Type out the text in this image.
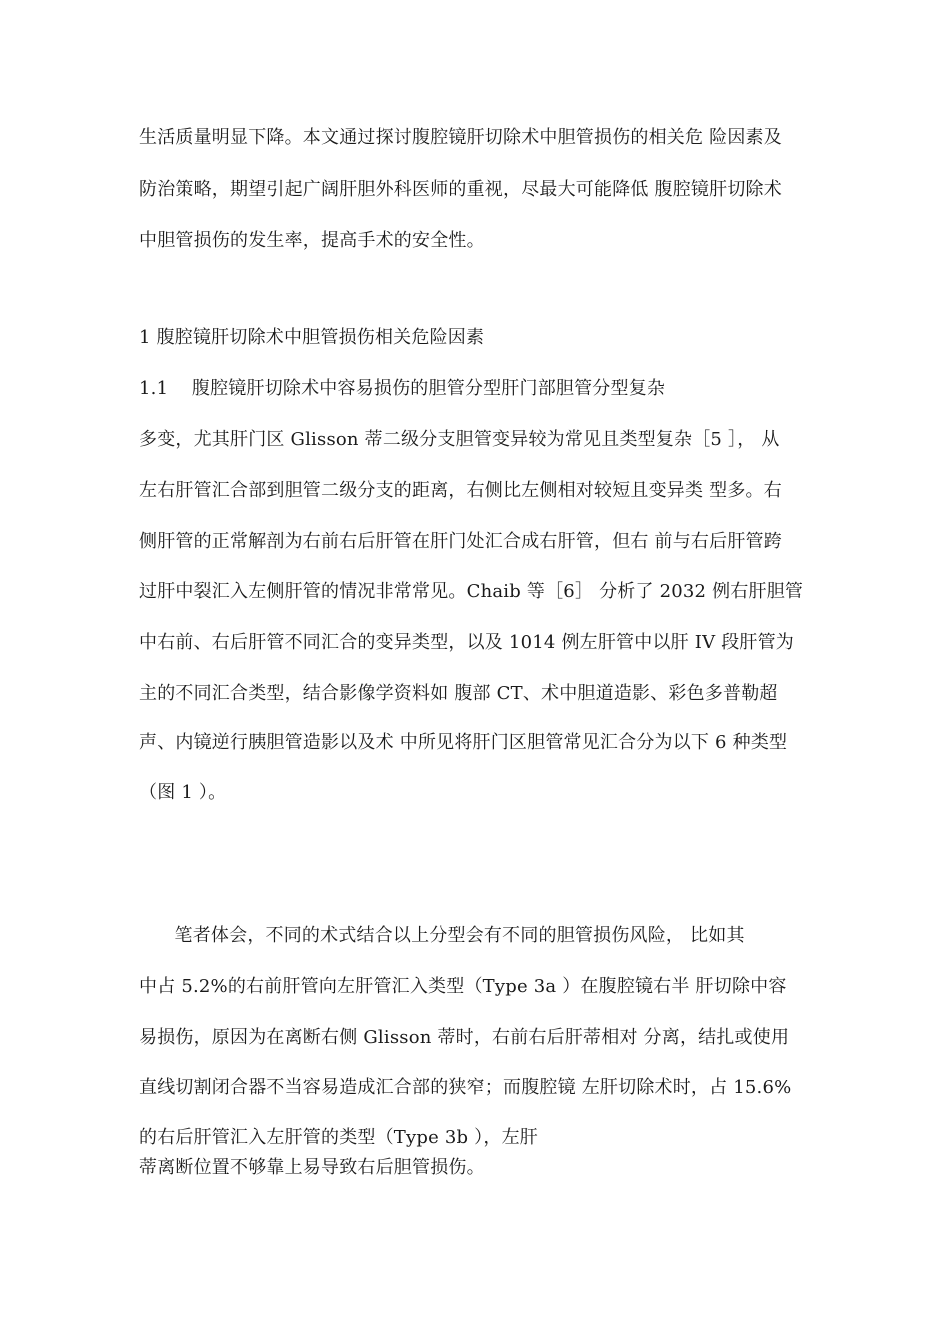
生活质量明显下降。本文通过探讨腹腔镜肝切除术中胆管损伤的相关危 险因素及
防治策略，期望引起广阔肝胆外科医师的重视，尽最大可能降低 腹腔镜肝切除术
中胆管损伤的发生率，提高手术的安全性。
1 腹腔镜肝切除术中胆管损伤相关危险因素
1.1    腹腔镜肝切除术中容易损伤的胆管分型肝门部胆管分型复杂
多变，尤其肝门区 Glisson 蒂二级分支胆管变异较为常见且类型复杂［5 ］， 从
左右肝管汇合部到胆管二级分支的距离，右侧比左侧相对较短且变异类 型多。右
侧肝管的正常解剖为右前右后肝管在肝门处汇合成右肝管，但右 前与右后肝管跨
过肝中裂汇入左侧肝管的情况非常常见。Chaib 等［6］ 分析了 2032 例右肝胆管
中右前、右后肝管不同汇合的变异类型，以及 1014 例左肝管中以肝 IV 段肝管为
主的不同汇合类型，结合影像学资料如 腹部 CT、术中胆道造影、彩色多普勒超
声、内镜逆行胰胆管造影以及术 中所见将肝门区胆管常见汇合分为以下 6 种类型
（图 1 ）。
笔者体会，不同的术式结合以上分型会有不同的胆管损伤风险， 比如其
中占 5.2%的右前肝管向左肝管汇入类型（Type 3a ）在腹腔镜右半 肝切除中容
易损伤，原因为在离断右侧 Glisson 蒂时，右前右后肝蒂相对 分离，结扎或使用
直线切割闭合器不当容易造成汇合部的狭窄；而腹腔镜 左肝切除术时，占 15.6%
的右后肝管汇入左肝管的类型（Type 3b ），左肝
蒂离断位置不够靠上易导致右后胆管损伤。
